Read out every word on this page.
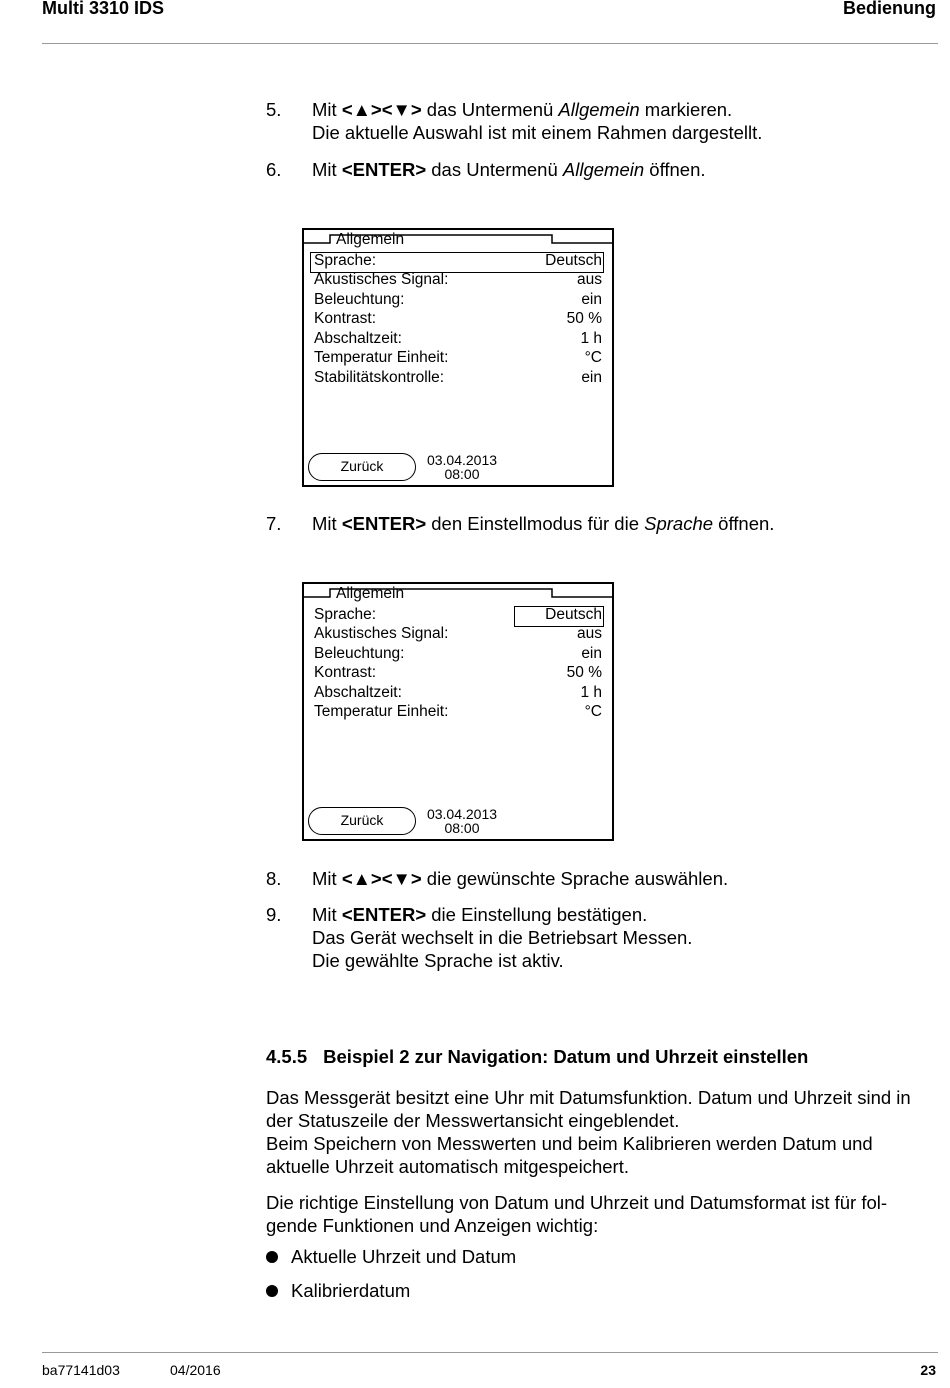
Multi 3310 IDS	Bedienung
5. Mit <▲><▼> das Untermenü Allgemein markieren.
Die aktuelle Auswahl ist mit einem Rahmen dargestellt.
6. Mit <ENTER> das Untermenü Allgemein öffnen.
Allgemein
Sprache:	Deutsch
Akustisches Signal:	aus
Beleuchtung:	ein
Kontrast:	50 %
Abschaltzeit:	1 h
Temperatur Einheit:	°C
Stabilitätskontrolle:	ein
Zurück	03.04.2013
08:00
7. Mit <ENTER> den Einstellmodus für die Sprache öffnen.
Allgemein
Sprache:	Deutsch
Akustisches Signal:	aus
Beleuchtung:	ein
Kontrast:	50 %
Abschaltzeit:	1 h
Temperatur Einheit:	°C
Zurück	03.04.2013
08:00
8. Mit <▲><▼> die gewünschte Sprache auswählen.
9. Mit <ENTER> die Einstellung bestätigen.
Das Gerät wechselt in die Betriebsart Messen.
Die gewählte Sprache ist aktiv.
4.5.5 Beispiel 2 zur Navigation: Datum und Uhrzeit einstellen
Das Messgerät besitzt eine Uhr mit Datumsfunktion. Datum und Uhrzeit sind in
der Statuszeile der Messwertansicht eingeblendet.
Beim Speichern von Messwerten und beim Kalibrieren werden Datum und
aktuelle Uhrzeit automatisch mitgespeichert.
Die richtige Einstellung von Datum und Uhrzeit und Datumsformat ist für fol-
gende Funktionen und Anzeigen wichtig:
Aktuelle Uhrzeit und Datum
Kalibrierdatum
ba77141d03	04/2016	23
